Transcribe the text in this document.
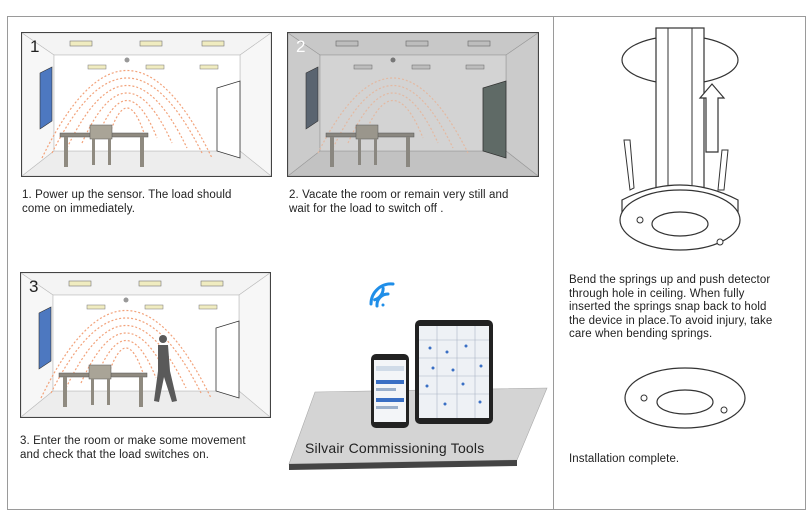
1	2
3
1. Power up the sensor. The load should
come on immediately.
2. Vacate the room or remain very still and
wait for the load to switch off .
3. Enter the room or make some movement
and check that the load switches on.	Silvair Commissioning Tools
Bend the springs up and push detector
through hole in ceiling. When fully
inserted the springs snap back to hold
the device in place.To avoid injury, take
care when bending springs.
Installation complete.
